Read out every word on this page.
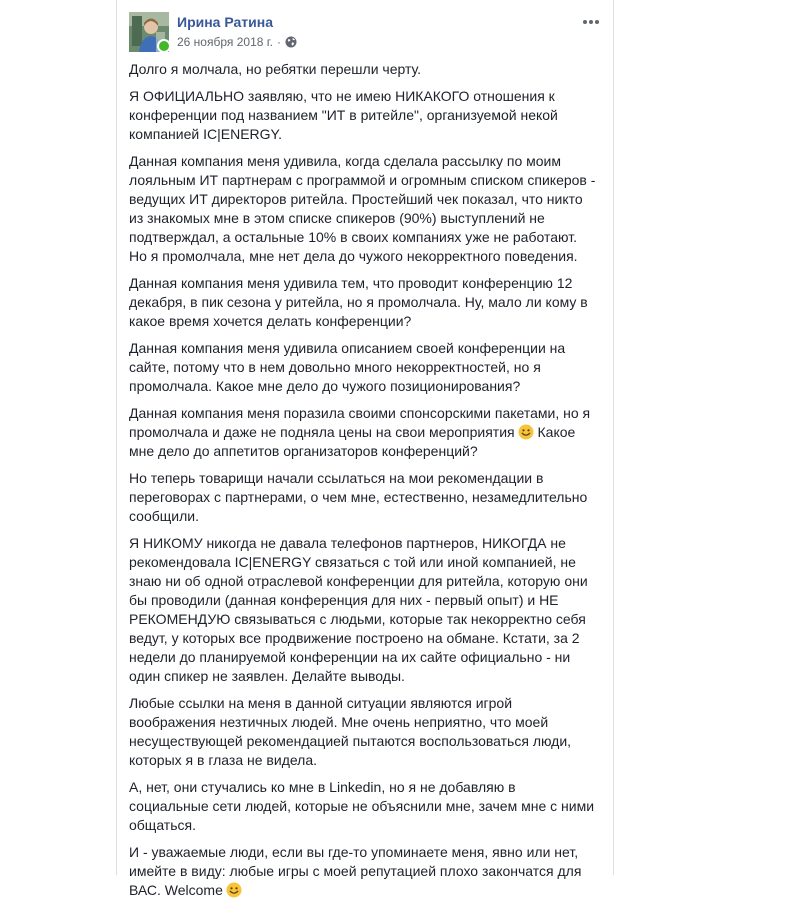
Ирина Ратина
26 ноября 2018 г. ·

Долго я молчала, но ребятки перешли черту.

Я ОФИЦИАЛЬНО заявляю, что не имею НИКАКОГО отношения к конференции под названием "ИТ в ритейле", организуемой некой компанией IC|ENERGY.

Данная компания меня удивила, когда сделала рассылку по моим лояльным ИТ партнерам с программой и огромным списком спикеров - ведущих ИТ директоров ритейла. Простейший чек показал, что никто из знакомых мне в этом списке спикеров (90%) выступлений не подтверждал, а остальные 10% в своих компаниях уже не работают. Но я промолчала, мне нет дела до чужого некорректного поведения.

Данная компания меня удивила тем, что проводит конференцию 12 декабря, в пик сезона у ритейла, но я промолчала. Ну, мало ли кому в какое время хочется делать конференции?

Данная компания меня удивила описанием своей конференции на сайте, потому что в нем довольно много некорректностей, но я промолчала. Какое мне дело до чужого позиционирования?

Данная компания меня поразила своими спонсорскими пакетами, но я промолчала и даже не подняла цены на свои мероприятия Какое мне дело до аппетитов организаторов конференций?

Но теперь товарищи начали ссылаться на мои рекомендации в переговорах с партнерами, о чем мне, естественно, незамедлительно сообщили.

Я НИКОМУ никогда не давала телефонов партнеров, НИКОГДА не рекомендовала IC|ENERGY связаться с той или иной компанией, не знаю ни об одной отраслевой конференции для ритейла, которую они бы проводили (данная конференция для них - первый опыт) и НЕ РЕКОМЕНДУЮ связываться с людьми, которые так некорректно себя ведут, у которых все продвижение построено на обмане. Кстати, за 2 недели до планируемой конференции на их сайте официально - ни один спикер не заявлен. Делайте выводы.

Любые ссылки на меня в данной ситуации являются игрой воображения незтичных людей. Мне очень неприятно, что моей несуществующей рекомендацией пытаются воспользоваться люди, которых я в глаза не видела.

А, нет, они стучались ко мне в Linkedin, но я не добавляю в социальные сети людей, которые не объяснили мне, зачем мне с ними общаться.

И - уважаемые люди, если вы где-то упоминаете меня, явно или нет, имейте в виду: любые игры с моей репутацией плохо закончатся для ВАС. Welcome
